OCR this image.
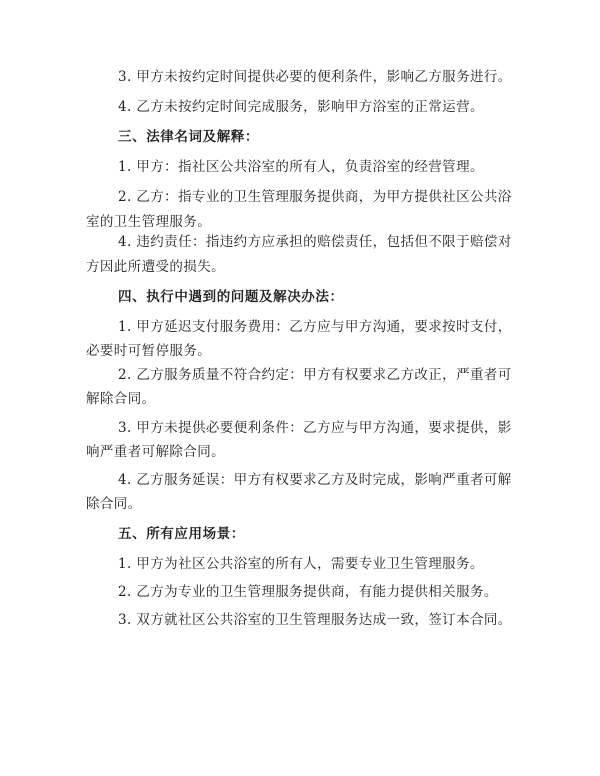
3. 甲方未按约定时间提供必要的便利条件，影响乙方服务进行。
4. 乙方未按约定时间完成服务，影响甲方浴室的正常运营。
三、法律名词及解释：
1. 甲方：指社区公共浴室的所有人，负责浴室的经营管理。
2. 乙方：指专业的卫生管理服务提供商，为甲方提供社区公共浴
室的卫生管理服务。
4. 违约责任：指违约方应承担的赔偿责任，包括但不限于赔偿对
方因此所遭受的损失。
四、执行中遇到的问题及解决办法：
1. 甲方延迟支付服务费用：乙方应与甲方沟通，要求按时支付，
必要时可暂停服务。
2. 乙方服务质量不符合约定：甲方有权要求乙方改正，严重者可
解除合同。
3. 甲方未提供必要便利条件：乙方应与甲方沟通，要求提供，影
响严重者可解除合同。
4. 乙方服务延误：甲方有权要求乙方及时完成，影响严重者可解
除合同。
五、所有应用场景：
1. 甲方为社区公共浴室的所有人，需要专业卫生管理服务。
2. 乙方为专业的卫生管理服务提供商，有能力提供相关服务。
3. 双方就社区公共浴室的卫生管理服务达成一致，签订本合同。
